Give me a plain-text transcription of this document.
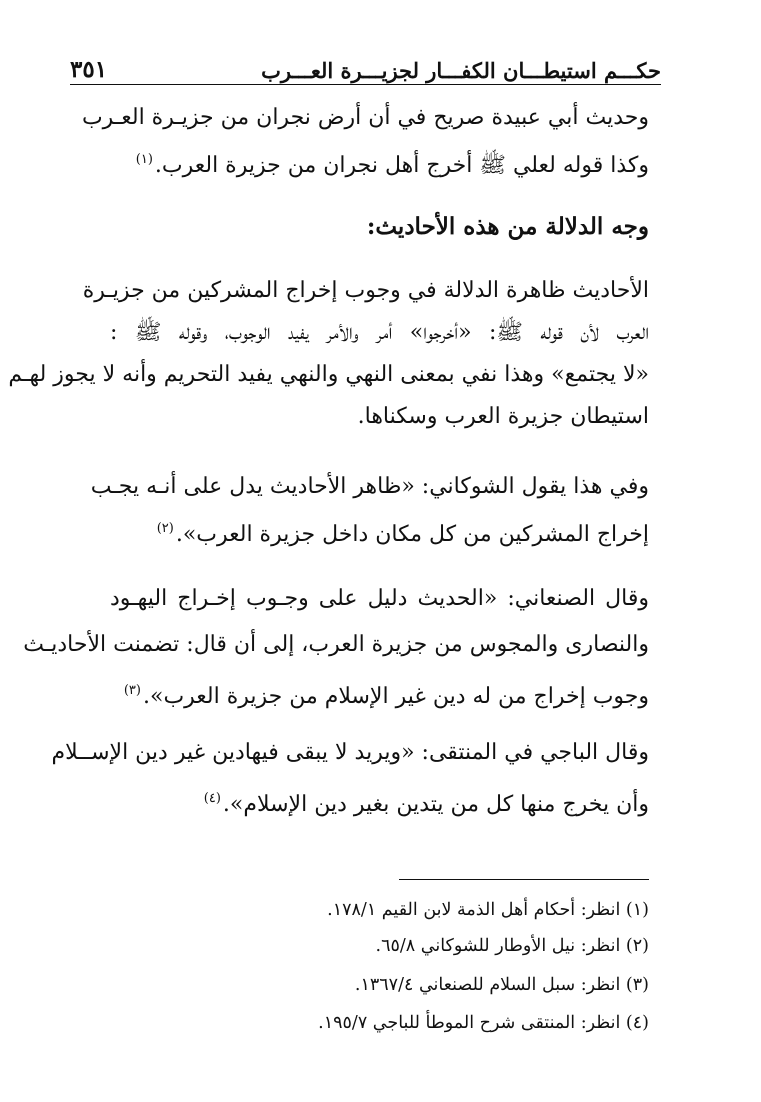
حكـــم استيطـــان الكفـــار لجزيـــرة العـــرب
٣٥١
وحديث أبي عبيدة صريح في أن أرض نجران من جزيـرة العـرب
وكذا قوله لعلي ﷺ أخرج أهل نجران من جزيرة العرب.$^{(١)}$
وجه الدلالة من هذه الأحاديث:
الأحاديث ظاهرة الدلالة في وجوب إخراج المشركين من جزيـرة
العرب لأن قوله ﷺ: «أخرجوا» أمر والأمر يفيد الوجوب، وقوله ﷺ :
«لا يجتمع» وهذا نفي بمعنى النهي والنهي يفيد التحريم وأنه لا يجوز لهـم
استيطان جزيرة العرب وسكناها.
وفي هذا يقول الشوكاني: «ظاهر الأحاديث يدل على أنـه يجـب
إخراج المشركين من كل مكان داخل جزيرة العرب».$^{(٢)}$
وقال الصنعاني: «الحديث دليل على وجـوب إخـراج اليهـود
والنصارى والمجوس من جزيرة العرب، إلى أن قال: تضمنت الأحاديـث
وجوب إخراج من له دين غير الإسلام من جزيرة العرب».$^{(٣)}$
وقال الباجي في المنتقى: «ويريد لا يبقى فيهادين غير دين الإســلام
وأن يخرج منها كل من يتدين بغير دين الإسلام».$^{(٤)}$
(١) انظر: أحكام أهل الذمة لابن القيم ١٧٨/١.
(٢) انظر: نيل الأوطار للشوكاني ٦٥/٨.
(٣) انظر: سبل السلام للصنعاني ١٣٦٧/٤.
(٤) انظر: المنتقى شرح الموطأ للباجي ١٩٥/٧.
